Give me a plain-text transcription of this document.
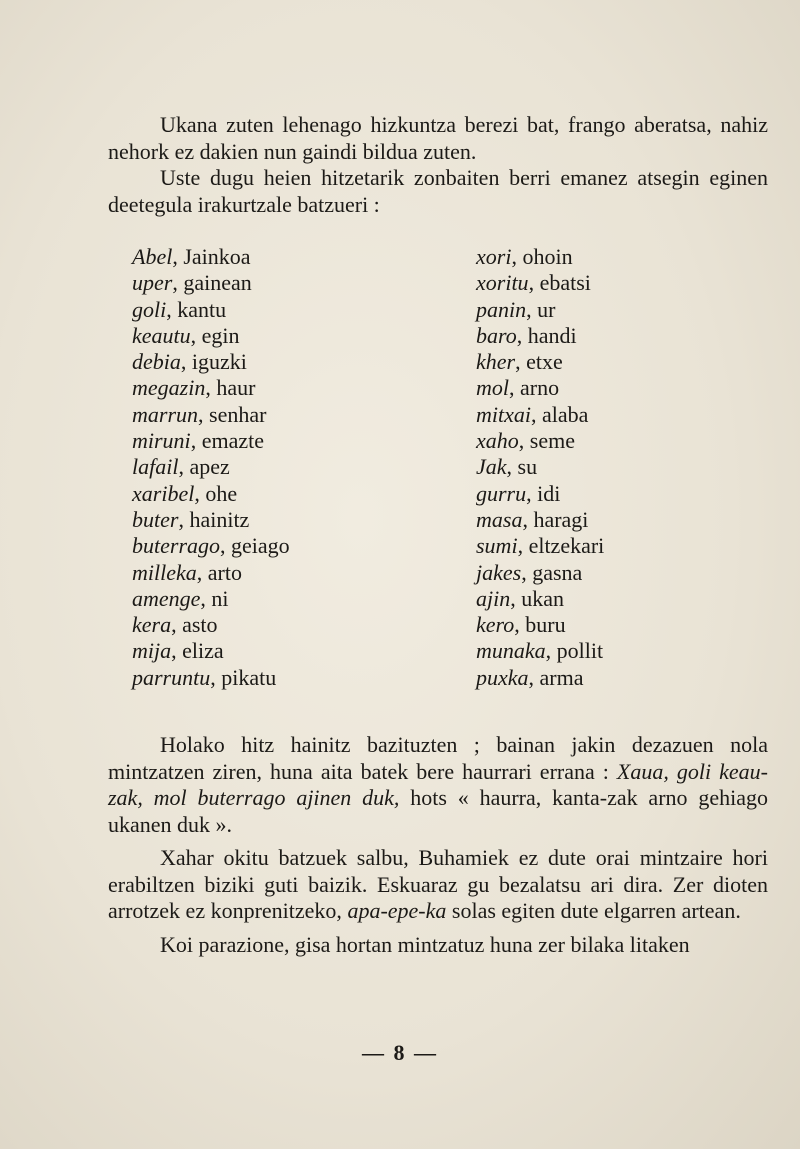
Ukana zuten lehenago hizkuntza berezi bat, frango aberatsa, nahiz nehork ez dakien nun gaindi bildua zuten.

Uste dugu heien hitzetarik zonbaiten berri emanez atsegin eginen deetegula irakurtzale batzueri :

Abel, Jainkoa
uper, gainean
goli, kantu
keautu, egin
debia, iguzki
megazin, haur
marrun, senhar
miruni, emazte
lafail, apez
xaribel, ohe
buter, hainitz
buterrago, geiago
milleka, arto
amenge, ni
kera, asto
mija, eliza
parruntu, pikatu
xori, ohoin
xoritu, ebatsi
panin, ur
baro, handi
kher, etxe
mol, arno
mitxai, alaba
xaho, seme
Jak, su
gurru, idi
masa, haragi
sumi, eltzekari
jakes, gasna
ajin, ukan
kero, buru
munaka, pollit
puxka, arma

Holako hitz hainitz bazituzten ; bainan jakin dezazuen nola mintzatzen ziren, huna aita batek bere haurrari errana : Xaua, goli keau-zak, mol buterrago ajinen duk, hots « haurra, kanta-zak arno gehiago ukanen duk ».

Xahar okitu batzuek salbu, Buhamiek ez dute orai mintzaire hori erabiltzen biziki guti baizik. Eskuaraz gu bezalatsu ari dira. Zer dioten arrotzek ez konprenitzeko, apa-epe-ka solas egiten dute elgarren artean.

Koi parazione, gisa hortan mintzatuz huna zer bilaka litaken

— 8 —
